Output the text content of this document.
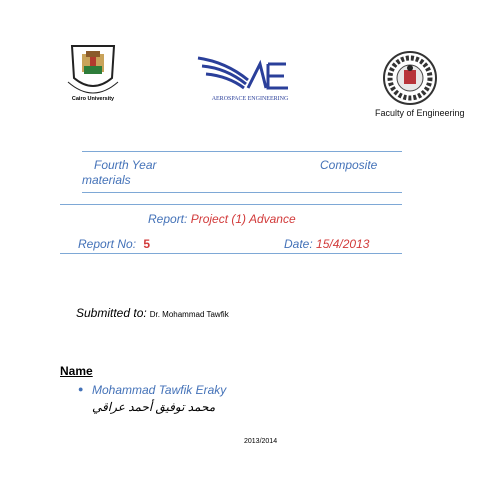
Cairo University	AEROSPACE ENGINEERING
Faculty of Engineering
Fourth Year	Composite
materials
Report: Project (1) Advance
Report No: 5	Date: 15/4/2013
Submitted to: Dr. Mohammad Tawfik
Name
● Mohammad Tawfik Eraky
محمد توفيق أحمد عراقي
2013/2014
